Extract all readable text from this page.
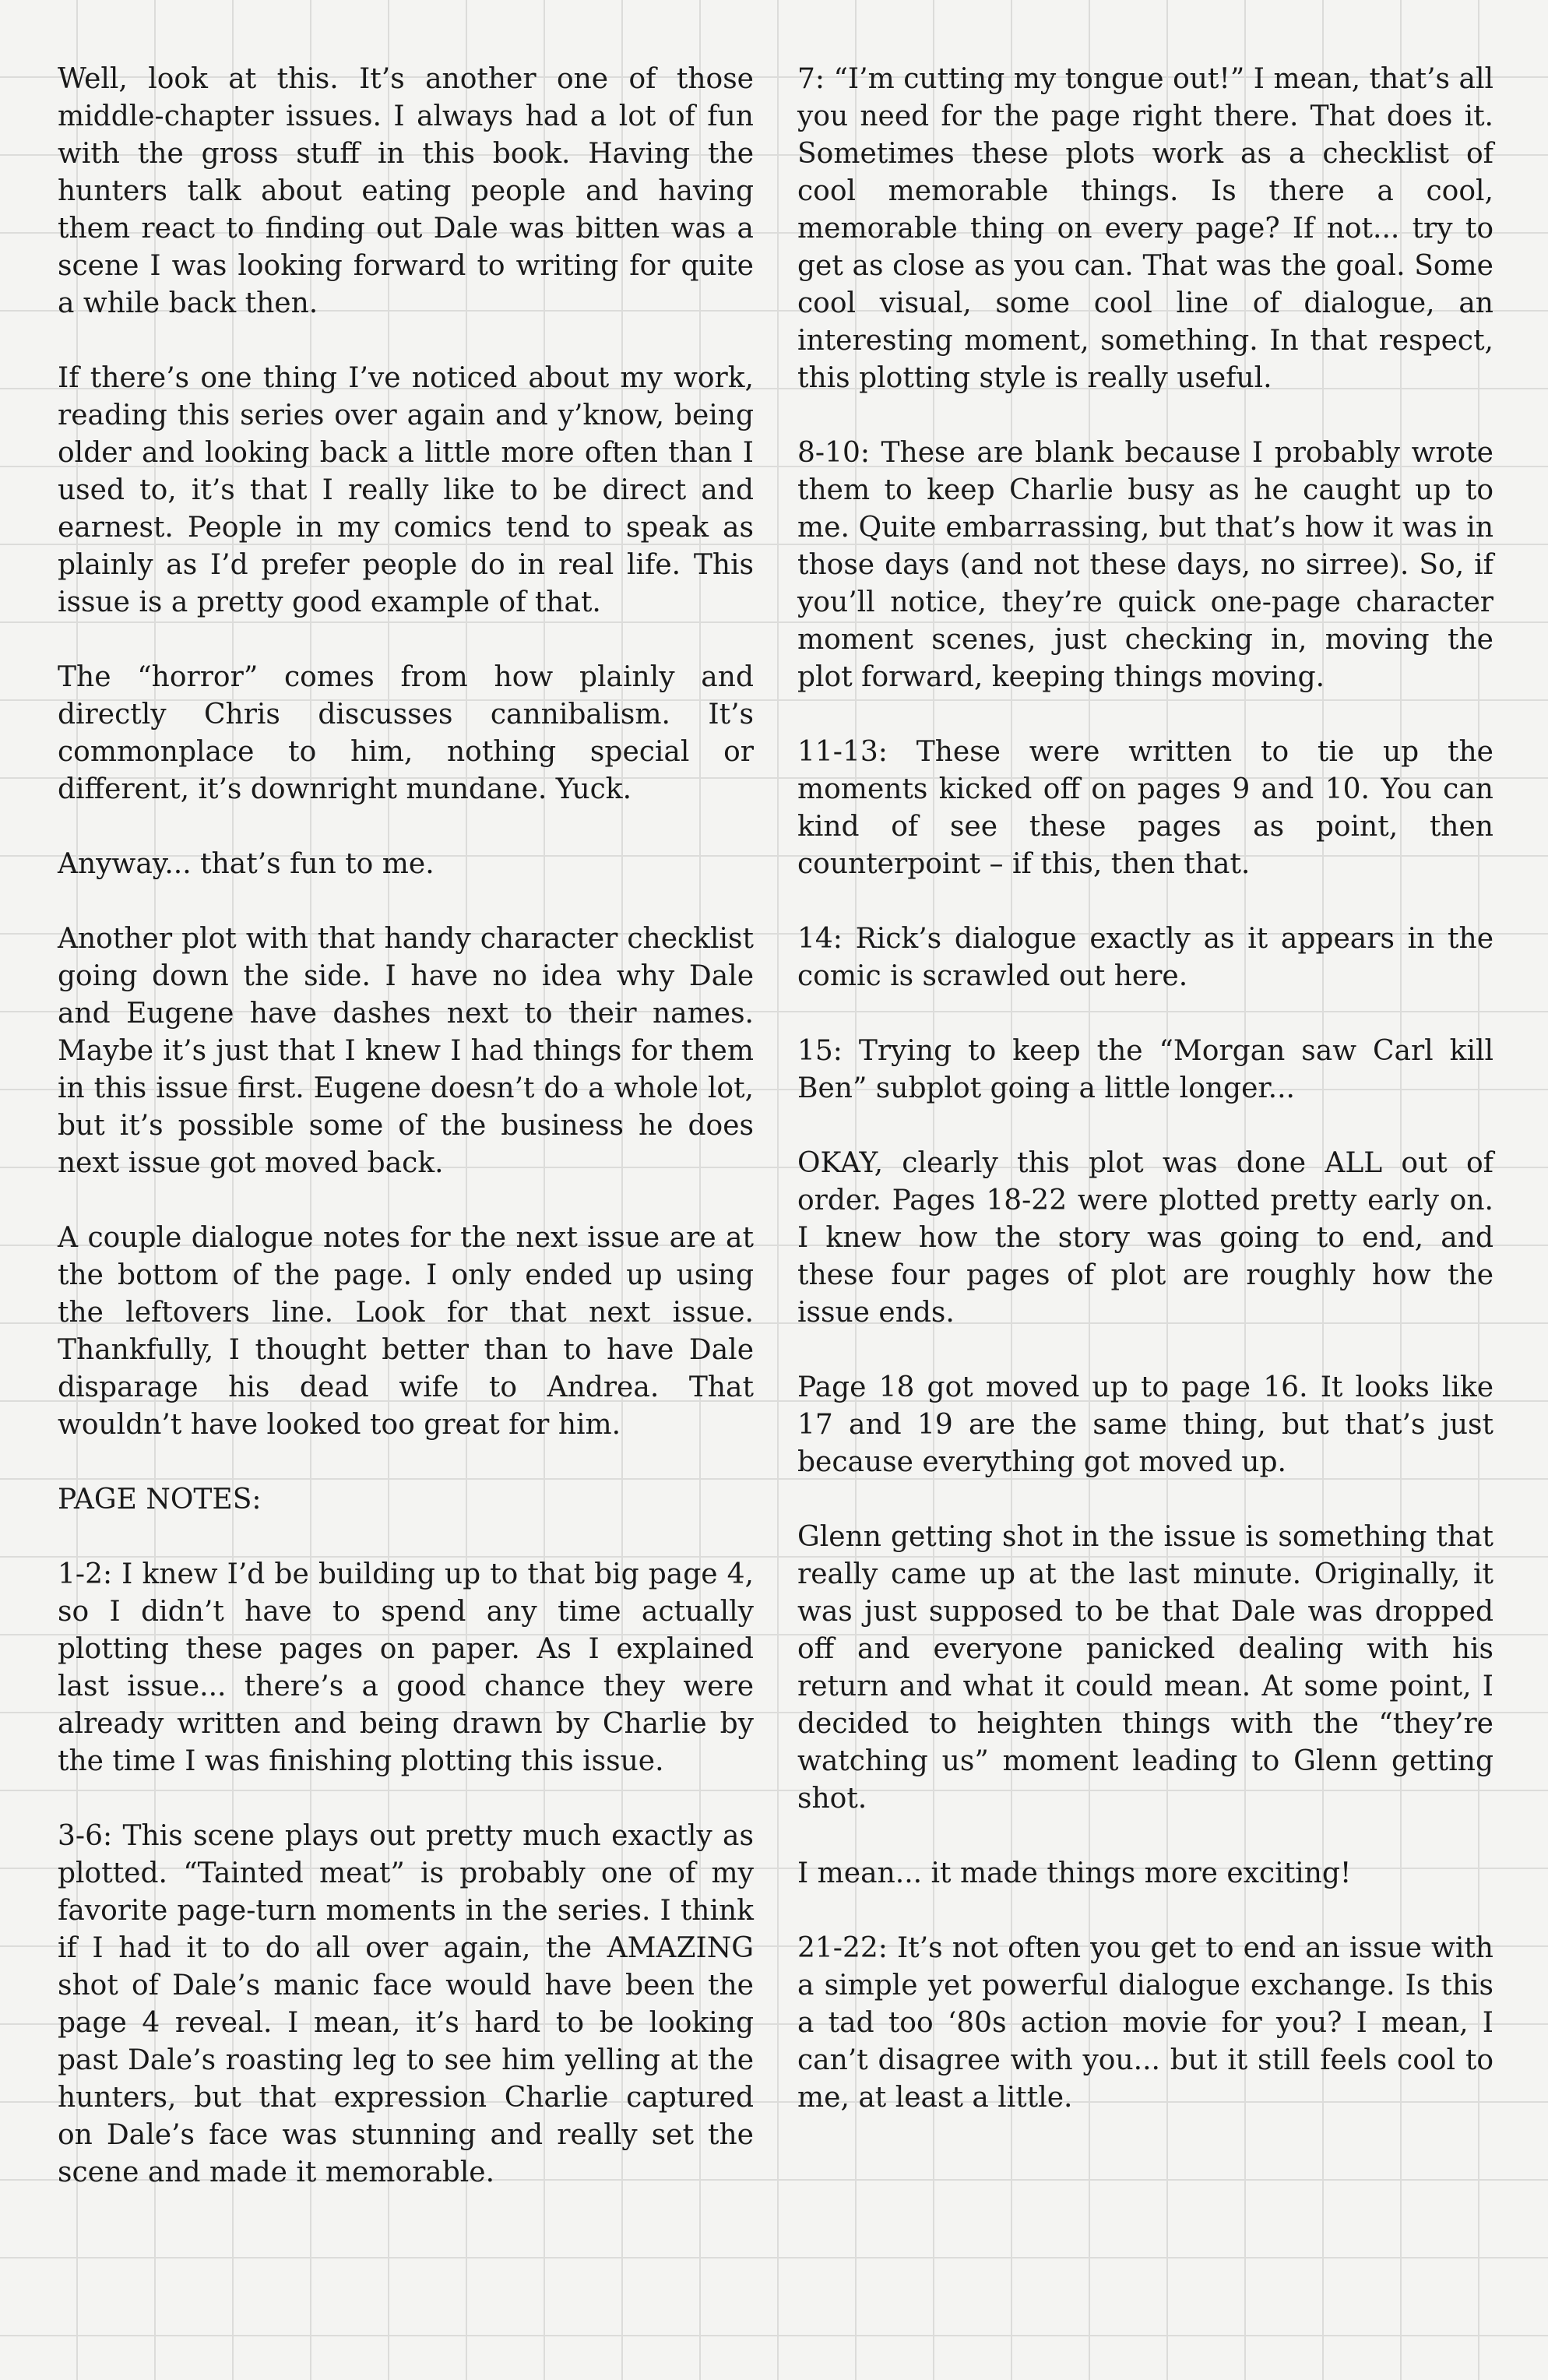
Well, look at this. It’s another one of those middle-chapter issues. I always had a lot of fun with the gross stuff in this book. Having the hunters talk about eating people and having them react to finding out Dale was bitten was a scene I was looking forward to writing for quite a while back then.

If there’s one thing I’ve noticed about my work, reading this series over again and y’know, being older and looking back a little more often than I used to, it’s that I really like to be direct and earnest. People in my comics tend to speak as plainly as I’d prefer people do in real life. This issue is a pretty good example of that.

The “horror” comes from how plainly and directly Chris discusses cannibalism. It’s commonplace to him, nothing special or different, it’s downright mundane. Yuck.

Anyway... that’s fun to me.

Another plot with that handy character checklist going down the side. I have no idea why Dale and Eugene have dashes next to their names. Maybe it’s just that I knew I had things for them in this issue first. Eugene doesn’t do a whole lot, but it’s possible some of the business he does next issue got moved back.

A couple dialogue notes for the next issue are at the bottom of the page. I only ended up using the leftovers line. Look for that next issue. Thankfully, I thought better than to have Dale disparage his dead wife to Andrea. That wouldn’t have looked too great for him.

PAGE NOTES:

1-2: I knew I’d be building up to that big page 4, so I didn’t have to spend any time actually plotting these pages on paper. As I explained last issue... there’s a good chance they were already written and being drawn by Charlie by the time I was finishing plotting this issue.

3-6: This scene plays out pretty much exactly as plotted. “Tainted meat” is probably one of my favorite page-turn moments in the series. I think if I had it to do all over again, the AMAZING shot of Dale’s manic face would have been the page 4 reveal. I mean, it’s hard to be looking past Dale’s roasting leg to see him yelling at the hunters, but that expression Charlie captured on Dale’s face was stunning and really set the scene and made it memorable.

7: “I’m cutting my tongue out!” I mean, that’s all you need for the page right there. That does it. Sometimes these plots work as a checklist of cool memorable things. Is there a cool, memorable thing on every page? If not... try to get as close as you can. That was the goal. Some cool visual, some cool line of dialogue, an interesting moment, something. In that respect, this plotting style is really useful.

8-10: These are blank because I probably wrote them to keep Charlie busy as he caught up to me. Quite embarrassing, but that’s how it was in those days (and not these days, no sirree). So, if you’ll notice, they’re quick one-page character moment scenes, just checking in, moving the plot forward, keeping things moving.

11-13: These were written to tie up the moments kicked off on pages 9 and 10. You can kind of see these pages as point, then counterpoint – if this, then that.

14: Rick’s dialogue exactly as it appears in the comic is scrawled out here.

15: Trying to keep the “Morgan saw Carl kill Ben” subplot going a little longer...

OKAY, clearly this plot was done ALL out of order. Pages 18-22 were plotted pretty early on. I knew how the story was going to end, and these four pages of plot are roughly how the issue ends.

Page 18 got moved up to page 16. It looks like 17 and 19 are the same thing, but that’s just because everything got moved up.

Glenn getting shot in the issue is something that really came up at the last minute. Originally, it was just supposed to be that Dale was dropped off and everyone panicked dealing with his return and what it could mean. At some point, I decided to heighten things with the “they’re watching us” moment leading to Glenn getting shot.

I mean... it made things more exciting!

21-22: It’s not often you get to end an issue with a simple yet powerful dialogue exchange. Is this a tad too ‘80s action movie for you? I mean, I can’t disagree with you... but it still feels cool to me, at least a little.
